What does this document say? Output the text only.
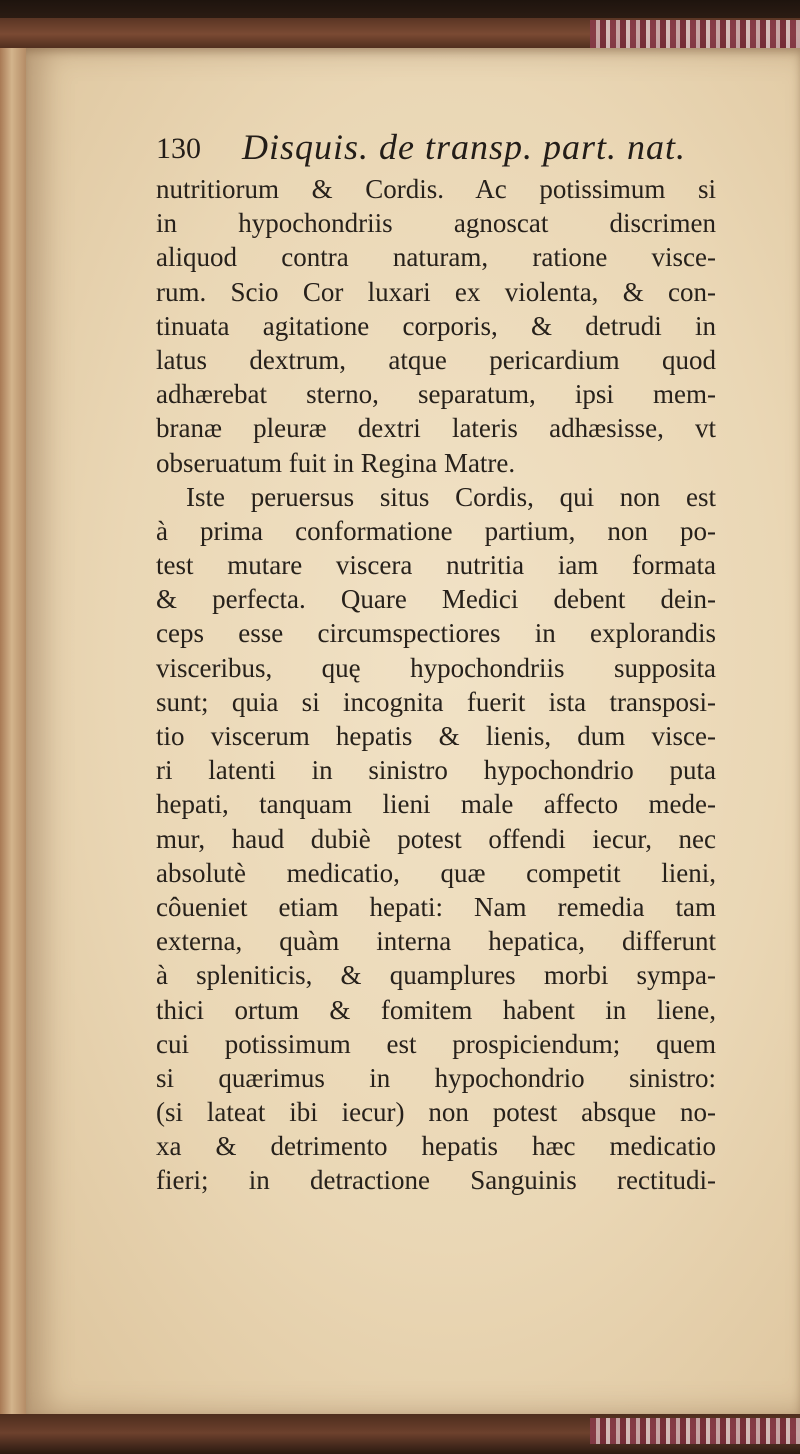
130 Disquis. de transp. part. nat.
nutritiorum & Cordis. Ac potissimum si
in hypochondriis agnoscat discrimen
aliquod contra naturam, ratione visce-
rum. Scio Cor luxari ex violenta, & con-
tinuata agitatione corporis, & detrudi in
latus dextrum, atque pericardium quod
adhærebat sterno, separatum, ipsi mem-
branæ pleuræ dextri lateris adhæsisse, vt
obseruatum fuit in Regina Matre.
Iste peruersus situs Cordis, qui non est
à prima conformatione partium, non po-
test mutare viscera nutritia iam formata
& perfecta. Quare Medici debent dein-
ceps esse circumspectiores in explorandis
visceribus, quę hypochondriis supposita
sunt; quia si incognita fuerit ista transposi-
tio viscerum hepatis & lienis, dum visce-
ri latenti in sinistro hypochondrio puta
hepati, tanquam lieni male affecto mede-
mur, haud dubiè potest offendi iecur, nec
absolutè medicatio, quæ competit lieni,
côueniet etiam hepati: Nam remedia tam
externa, quàm interna hepatica, differunt
à spleniticis, & quamplures morbi sympa-
thici ortum & fomitem habent in liene,
cui potissimum est prospiciendum; quem
si quærimus in hypochondrio sinistro:
(si lateat ibi iecur) non potest absque no-
xa & detrimento hepatis hæc medicatio
fieri; in detractione Sanguinis rectitudi-
